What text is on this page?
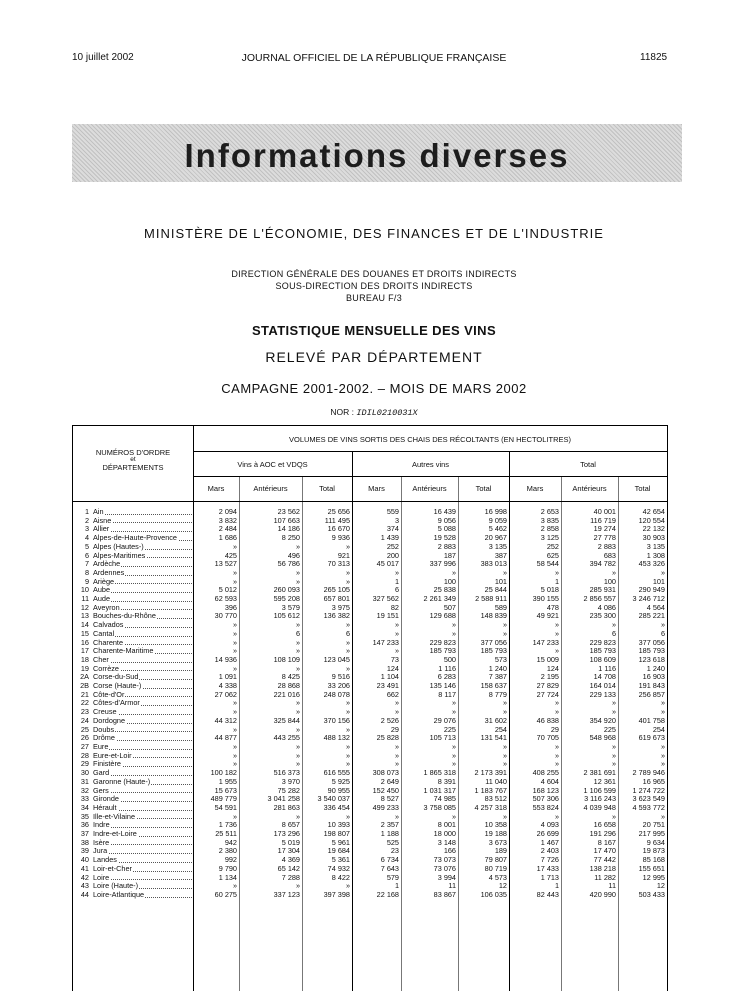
10 juillet 2002	JOURNAL OFFICIEL DE LA RÉPUBLIQUE FRANÇAISE	11825
Informations diverses
MINISTÈRE DE L'ÉCONOMIE, DES FINANCES ET DE L'INDUSTRIE
DIRECTION GÉNÉRALE DES DOUANES ET DROITS INDIRECTS
SOUS-DIRECTION DES DROITS INDIRECTS
BUREAU F/3
STATISTIQUE MENSUELLE DES VINS
RELEVÉ PAR DÉPARTEMENT
CAMPAGNE 2001-2002. – MOIS DE MARS 2002
NOR : IDIL0210031X
NUMÉROS D'ORDRE
et
DÉPARTEMENTS
VOLUMES DE VINS SORTIS DES CHAIS DES RÉCOLTANTS (EN HECTOLITRES)
Vins à AOC et VDQS	Autres vins	Total
Mars	Antérieurs	Total	Mars	Antérieurs	Total	Mars	Antérieurs	Total
1	Ain	2 094	23 562	25 656	559	16 439	16 998	2 653	40 001	42 654
2	Aisne	3 832	107 663	111 495	3	9 056	9 059	3 835	116 719	120 554
3	Allier	2 484	14 186	16 670	374	5 088	5 462	2 858	19 274	22 132
4	Alpes-de-Haute-Provence	1 686	8 250	9 936	1 439	19 528	20 967	3 125	27 778	30 903
5	Alpes (Hautes-)	»	»	»	252	2 883	3 135	252	2 883	3 135
6	Alpes-Maritimes	425	496	921	200	187	387	625	683	1 308
7	Ardèche	13 527	56 786	70 313	45 017	337 996	383 013	58 544	394 782	453 326
8	Ardennes	»	»	»	»	»	»	»	»	»
9	Ariège	»	»	»	1	100	101	1	100	101
10	Aube	5 012	260 093	265 105	6	25 838	25 844	5 018	285 931	290 949
11	Aude	62 593	595 208	657 801	327 562	2 261 349	2 588 911	390 155	2 856 557	3 246 712
12	Aveyron	396	3 579	3 975	82	507	589	478	4 086	4 564
13	Bouches-du-Rhône	30 770	105 612	136 382	19 151	129 688	148 839	49 921	235 300	285 221
14	Calvados	»	»	»	»	»	»	»	»	»
15	Cantal	»	6	6	»	»	»	»	6	6
16	Charente	»	»	»	147 233	229 823	377 056	147 233	229 823	377 056
17	Charente-Maritime	»	»	»	»	185 793	185 793	»	185 793	185 793
18	Cher	14 936	108 109	123 045	73	500	573	15 009	108 609	123 618
19	Corrèze	»	»	»	124	1 116	1 240	124	1 116	1 240
2A	Corse-du-Sud	1 091	8 425	9 516	1 104	6 283	7 387	2 195	14 708	16 903
2B	Corse (Haute-)	4 338	28 868	33 206	23 491	135 146	158 637	27 829	164 014	191 843
21	Côte-d'Or	27 062	221 016	248 078	662	8 117	8 779	27 724	229 133	256 857
22	Côtes-d'Armor	»	»	»	»	»	»	»	»	»
23	Creuse	»	»	»	»	»	»	»	»	»
24	Dordogne	44 312	325 844	370 156	2 526	29 076	31 602	46 838	354 920	401 758
25	Doubs	»	»	»	29	225	254	29	225	254
26	Drôme	44 877	443 255	488 132	25 828	105 713	131 541	70 705	548 968	619 673
27	Eure	»	»	»	»	»	»	»	»	»
28	Eure-et-Loir	»	»	»	»	»	»	»	»	»
29	Finistère	»	»	»	»	»	»	»	»	»
30	Gard	100 182	516 373	616 555	308 073	1 865 318	2 173 391	408 255	2 381 691	2 789 946
31	Garonne (Haute-)	1 955	3 970	5 925	2 649	8 391	11 040	4 604	12 361	16 965
32	Gers	15 673	75 282	90 955	152 450	1 031 317	1 183 767	168 123	1 106 599	1 274 722
33	Gironde	489 779	3 041 258	3 540 037	8 527	74 985	83 512	507 306	3 116 243	3 623 549
34	Hérault	54 591	281 863	336 454	499 233	3 758 085	4 257 318	553 824	4 039 948	4 593 772
35	Ille-et-Vilaine	»	»	»	»	»	»	»	»	»
36	Indre	1 736	8 657	10 393	2 357	8 001	10 358	4 093	16 658	20 751
37	Indre-et-Loire	25 511	173 296	198 807	1 188	18 000	19 188	26 699	191 296	217 995
38	Isère	942	5 019	5 961	525	3 148	3 673	1 467	8 167	9 634
39	Jura	2 380	17 304	19 684	23	166	189	2 403	17 470	19 873
40	Landes	992	4 369	5 361	6 734	73 073	79 807	7 726	77 442	85 168
41	Loir-et-Cher	9 790	65 142	74 932	7 643	73 076	80 719	17 433	138 218	155 651
42	Loire	1 134	7 288	8 422	579	3 994	4 573	1 713	11 282	12 995
43	Loire (Haute-)	»	»	»	1	11	12	1	11	12
44	Loire-Atlantique	60 275	337 123	397 398	22 168	83 867	106 035	82 443	420 990	503 433
